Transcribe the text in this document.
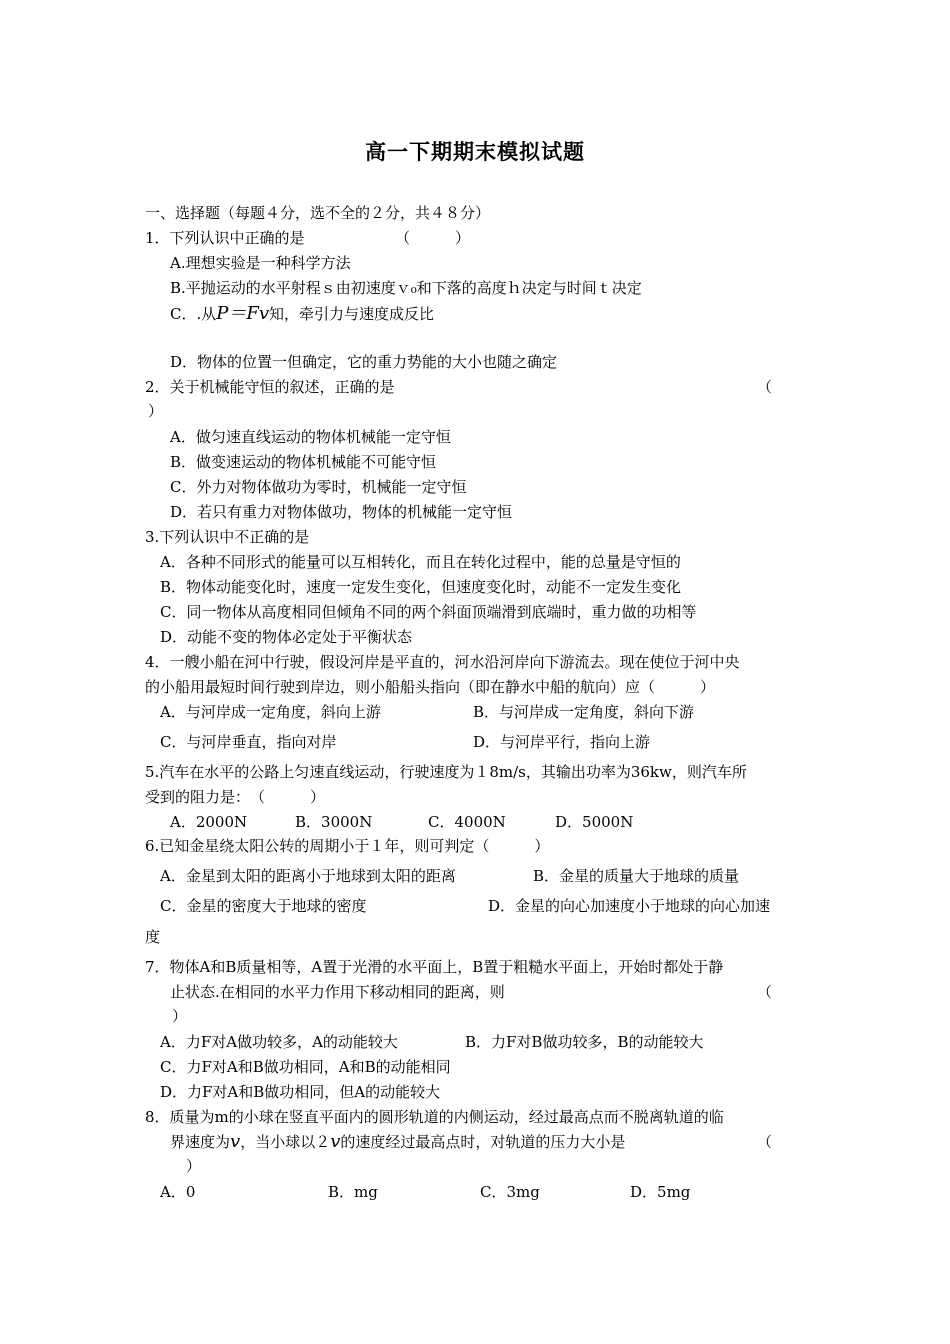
高一下期期末模拟试题
一、选择题（每题４分，选不全的２分，共４８分）
1．下列认识中正确的是	（　　　）
A.理想实验是一种科学方法
B.平抛运动的水平射程ｓ由初速度ｖ₀和下落的高度ｈ决定与时间ｔ决定
C．.从P＝Fv知，牵引力与速度成反比
D．物体的位置一但确定，它的重力势能的大小也随之确定
2．关于机械能守恒的叙述，正确的是	（
）
A．做匀速直线运动的物体机械能一定守恒
B．做变速运动的物体机械能不可能守恒
C．外力对物体做功为零时，机械能一定守恒
D．若只有重力对物体做功，物体的机械能一定守恒
3.下列认识中不正确的是
A．各种不同形式的能量可以互相转化，而且在转化过程中，能的总量是守恒的
B．物体动能变化时，速度一定发生变化，但速度变化时，动能不一定发生变化
C．同一物体从高度相同但倾角不同的两个斜面顶端滑到底端时，重力做的功相等
D．动能不变的物体必定处于平衡状态
4．一艘小船在河中行驶，假设河岸是平直的，河水沿河岸向下游流去。现在使位于河中央
的小船用最短时间行驶到岸边，则小船船头指向（即在静水中船的航向）应（　　　）
A．与河岸成一定角度，斜向上游	B．与河岸成一定角度，斜向下游
C．与河岸垂直，指向对岸	D．与河岸平行，指向上游
5.汽车在水平的公路上匀速直线运动，行驶速度为１8m/s，其输出功率为36kw，则汽车所
受到的阻力是：　（　　　）
A．2000N	B．3000N	C．4000N	D．5000N
6.已知金星绕太阳公转的周期小于１年，则可判定（　　　）
A．金星到太阳的距离小于地球到太阳的距离	B．金星的质量大于地球的质量
C．金星的密度大于地球的密度	D．金星的向心加速度小于地球的向心加速
度
7．物体A和B质量相等，A置于光滑的水平面上，B置于粗糙水平面上，开始时都处于静
止状态.在相同的水平力作用下移动相同的距离，则	（
）
A．力F对A做功较多，A的动能较大	B．力F对B做功较多，B的动能较大
C．力F对A和B做功相同，A和B的动能相同
D．力F对A和B做功相同，但A的动能较大
8．质量为m的小球在竖直平面内的圆形轨道的内侧运动，经过最高点而不脱离轨道的临
界速度为v，当小球以２v的速度经过最高点时，对轨道的压力大小是	（
）
A．0	B．mg	C．3mg	D．5mg
